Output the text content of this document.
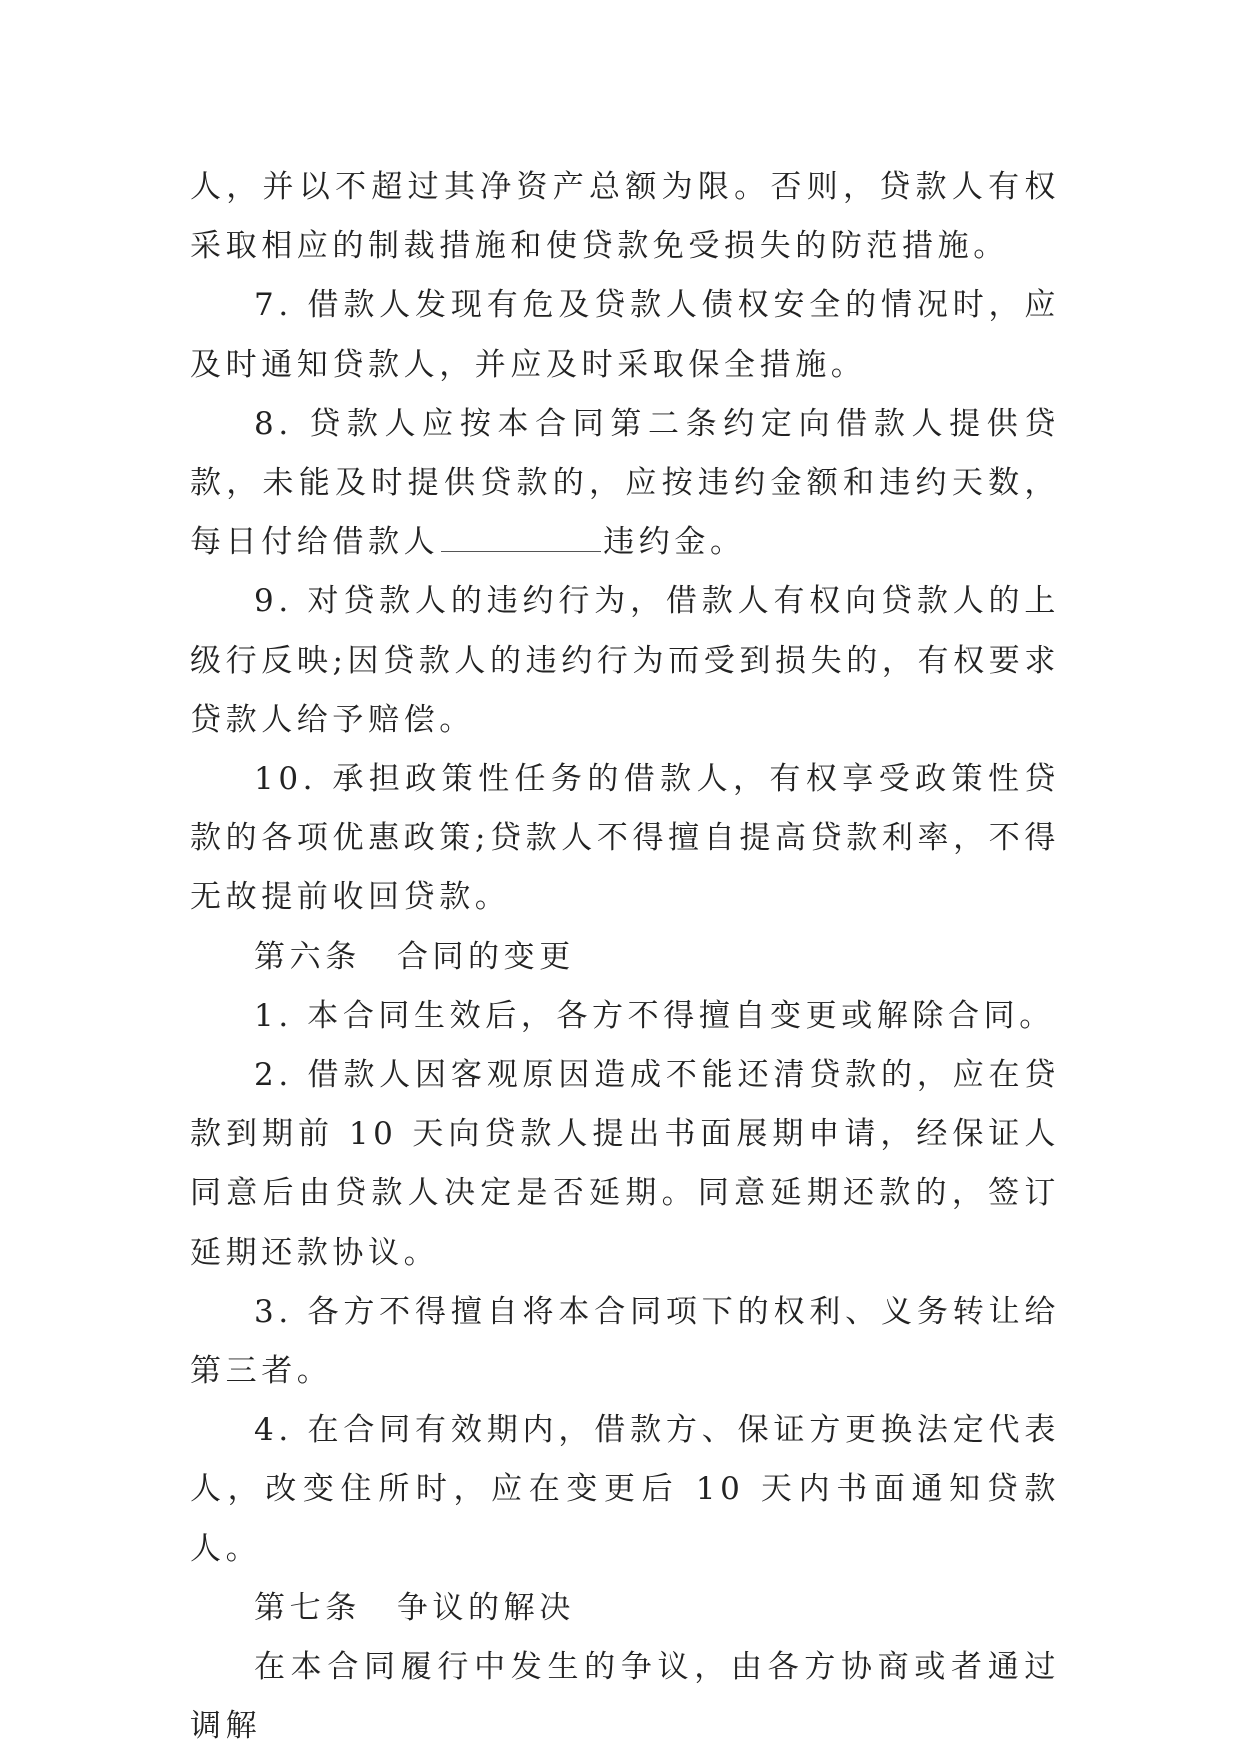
人，并以不超过其净资产总额为限。否则，贷款人有权采取相应的制裁措施和使贷款免受损失的防范措施。

7. 借款人发现有危及贷款人债权安全的情况时，应及时通知贷款人，并应及时采取保全措施。

8. 贷款人应按本合同第二条约定向借款人提供贷款，未能及时提供贷款的，应按违约金额和违约天数，每日付给借款人	违约金。

9. 对贷款人的违约行为，借款人有权向贷款人的上级行反映;因贷款人的违约行为而受到损失的，有权要求贷款人给予赔偿。

10. 承担政策性任务的借款人，有权享受政策性贷款的各项优惠政策;贷款人不得擅自提高贷款利率，不得无故提前收回贷款。

第六条 合同的变更

1. 本合同生效后，各方不得擅自变更或解除合同。

2. 借款人因客观原因造成不能还清贷款的，应在贷款到期前 10 天向贷款人提出书面展期申请，经保证人同意后由贷款人决定是否延期。同意延期还款的，签订延期还款协议。

3. 各方不得擅自将本合同项下的权利、义务转让给第三者。

4. 在合同有效期内，借款方、保证方更换法定代表人，改变住所时，应在变更后 10 天内书面通知贷款人。

第七条 争议的解决

在本合同履行中发生的争议，由各方协商或者通过调解
